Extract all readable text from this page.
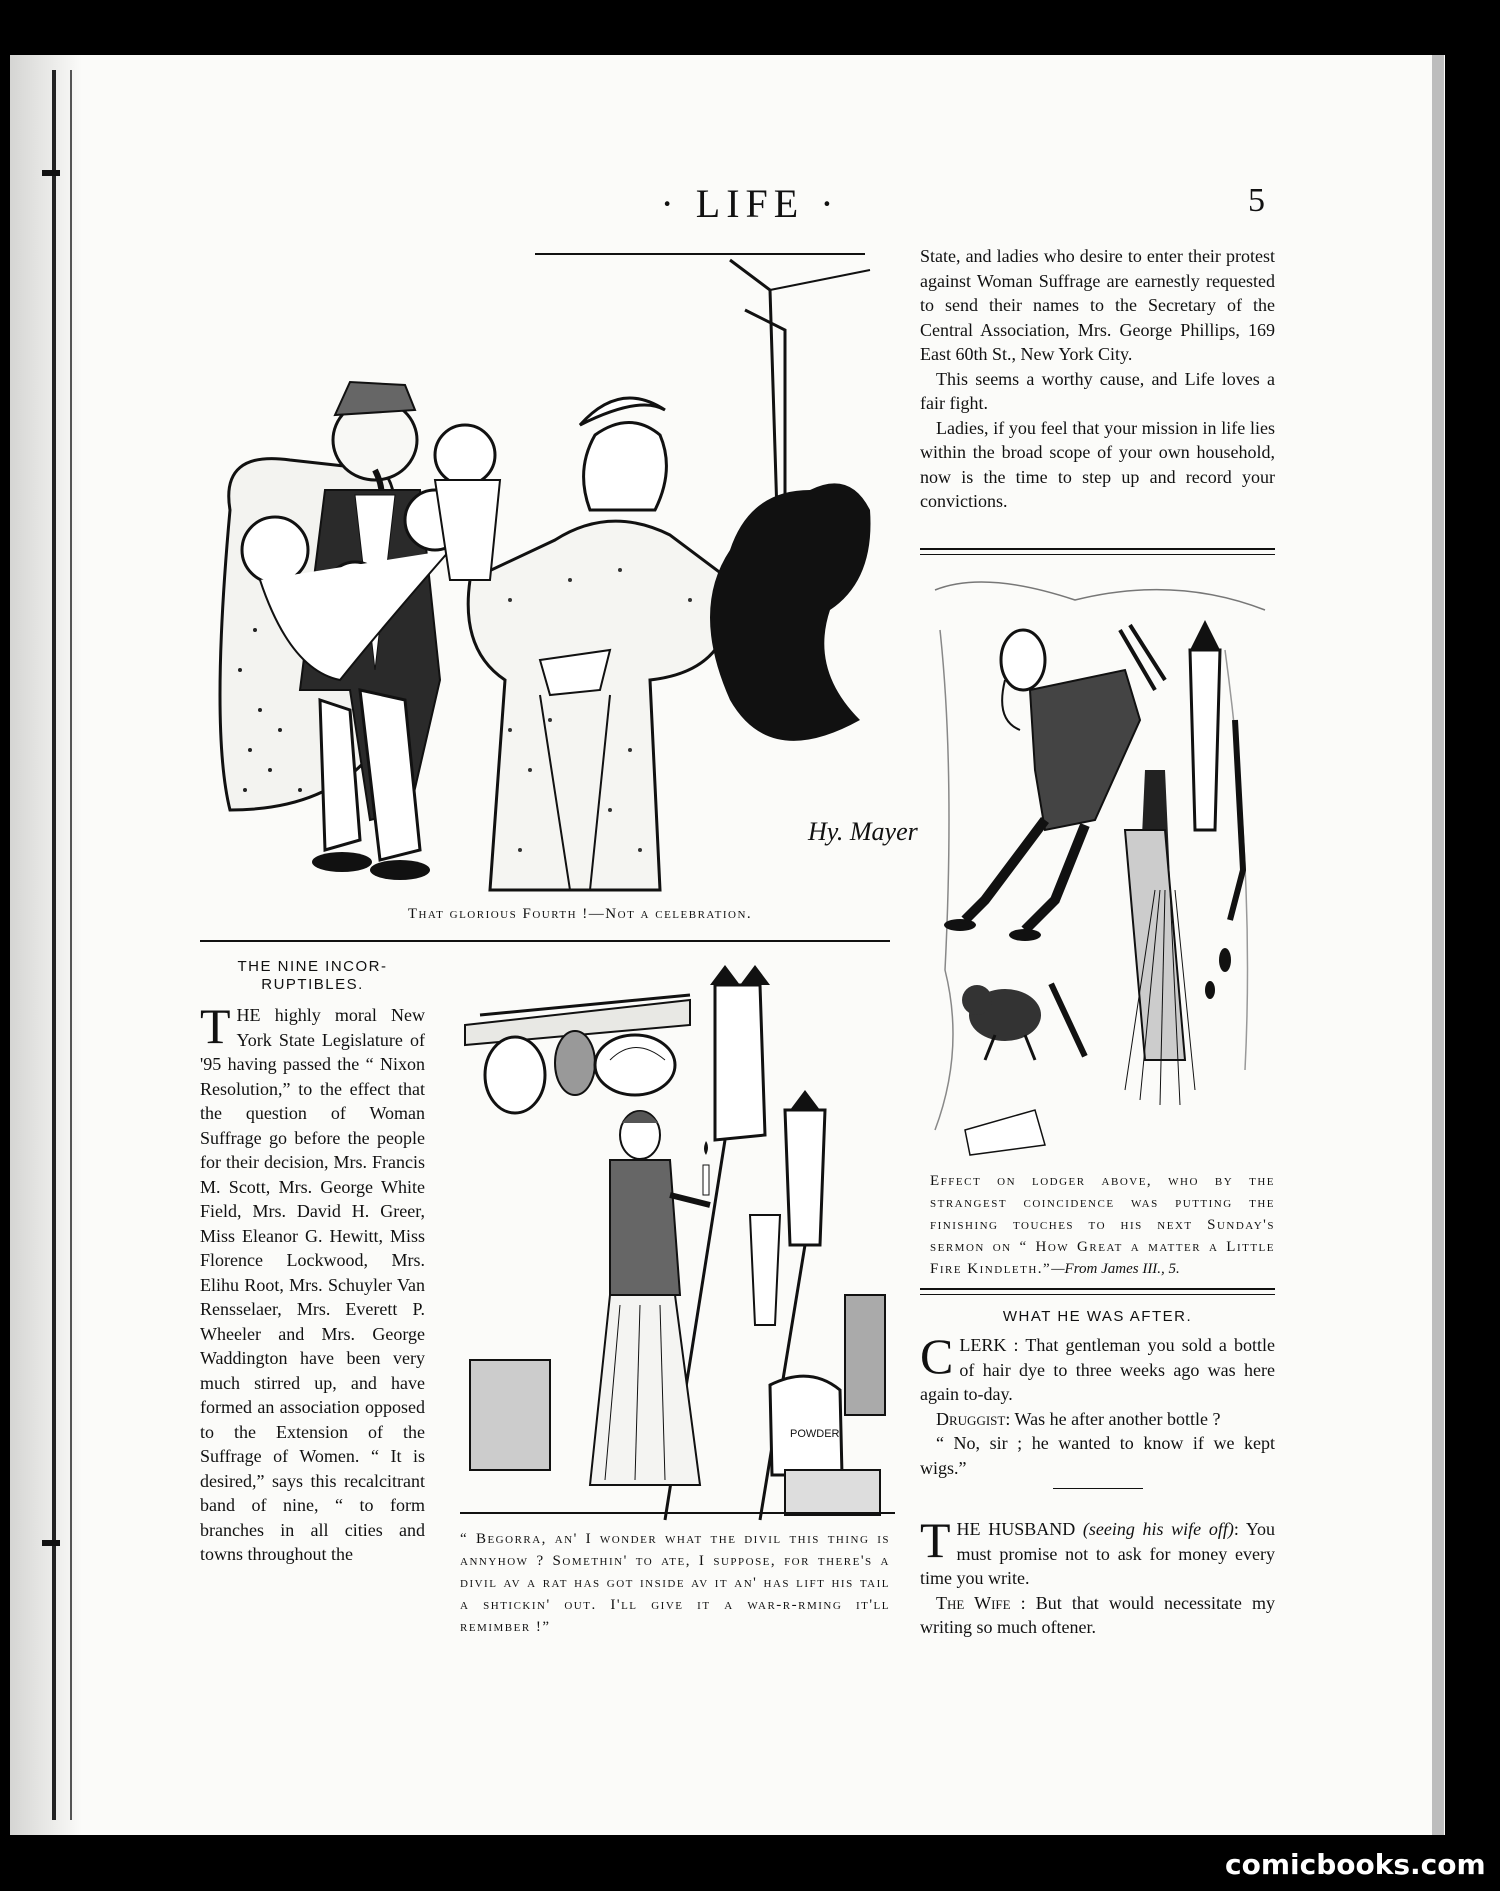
· LIFE ·	5
Hy. Mayer
That glorious Fourth !—Not a celebration.

State, and ladies who desire to enter their protest against Woman Suffrage are earnestly requested to send their names to the Secretary of the Central Association, Mrs. George Phillips, 169 East 60th St., New York City.

This seems a worthy cause, and Life loves a fair fight.

Ladies, if you feel that your mission in life lies within the broad scope of your own household, now is the time to step up and record your convictions.

Effect on lodger above, who by the strangest coincidence was putting the finishing touches to his next Sunday's sermon on “ How Great a matter a Little Fire Kindleth.”—From James III., 5.
THE NINE INCOR-RUPTIBLES.
THE highly moral New York State Legislature of '95 having passed the “ Nixon Resolution,” to the effect that the question of Woman Suffrage go before the people for their decision, Mrs. Francis M. Scott, Mrs. George White Field, Mrs. David H. Greer, Miss Eleanor G. Hewitt, Miss Florence Lockwood, Mrs. Elihu Root, Mrs. Schuyler Van Rensselaer, Mrs. Everett P. Wheeler and Mrs. George Waddington have been very much stirred up, and have formed an association opposed to the Extension of the Suffrage of Women. “ It is desired,” says this recalcitrant band of nine, “ to form branches in all cities and towns throughout the
POWDER
“ Begorra, an' I wonder what the divil this thing is annyhow ? Somethin' to ate, I suppose, for there's a divil av a rat has got inside av it an' has lift his tail a shtickin' out. I'll give it a war-r-rming it'll remimber !”
WHAT HE WAS AFTER.

CLERK : That gentleman you sold a bottle of hair dye to three weeks ago was here again to-day.

Druggist: Was he after another bottle ?

“ No, sir ; he wanted to know if we kept wigs.”

THE HUSBAND (seeing his wife off): You must promise not to ask for money every time you write.

The Wife : But that would necessitate my writing so much oftener.

comicbooks.com
